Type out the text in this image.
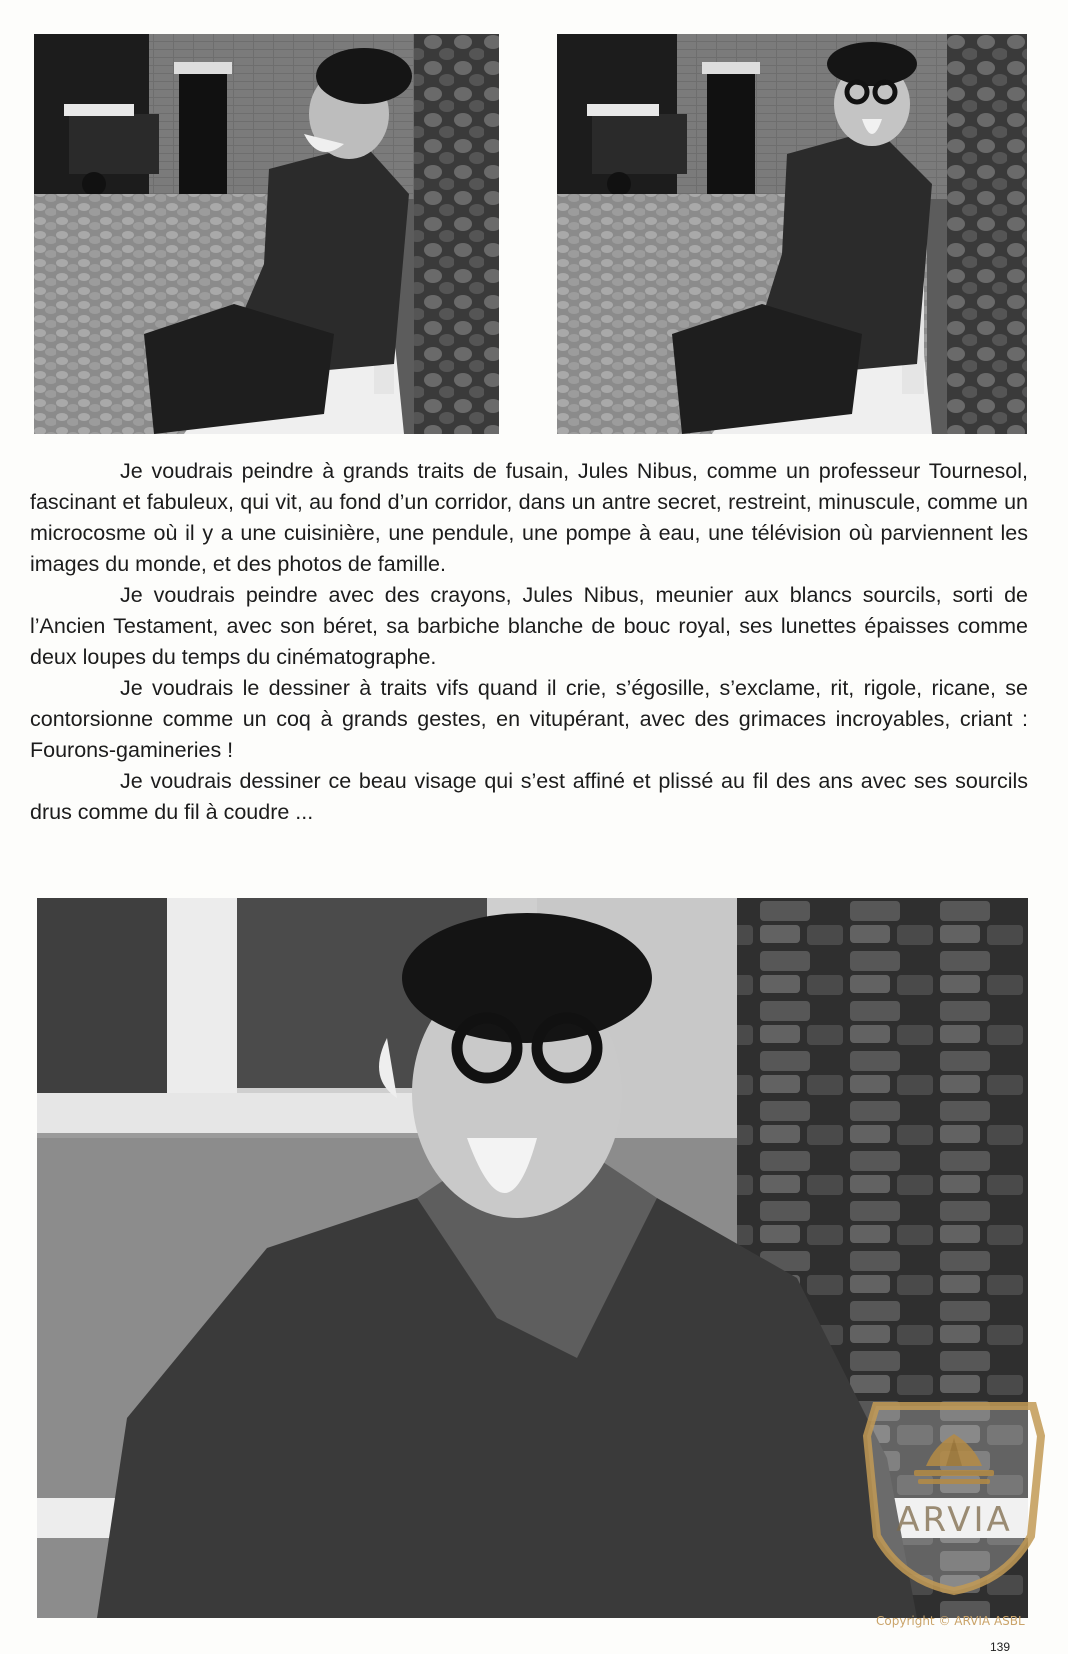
Je voudrais peindre à grands traits de fusain, Jules Nibus, comme un professeur Tournesol, fascinant et fabuleux, qui vit, au fond d’un corridor, dans un antre secret, restreint, minuscule, comme un microcosme où il y a une cuisinière, une pendule, une pompe à eau, une télévision où parviennent les images du monde, et des photos de famille.

Je voudrais peindre avec des crayons, Jules Nibus, meunier aux blancs sourcils, sorti de l’Ancien Testament, avec son béret, sa barbiche blanche de bouc royal, ses lunettes épaisses comme deux loupes du temps du cinématographe.

Je voudrais le dessiner à traits vifs quand il crie, s’égosille, s’exclame, rit, rigole, ricane, se contorsionne comme un coq à grands gestes, en vitupérant, avec des grimaces incroyables, criant : Fourons-gamineries !

Je voudrais dessiner ce beau visage qui s’est affiné et plissé au fil des ans avec ses sourcils drus comme du fil à coudre ...

ARVIA
Copyright © ARVIA ASBL
139
